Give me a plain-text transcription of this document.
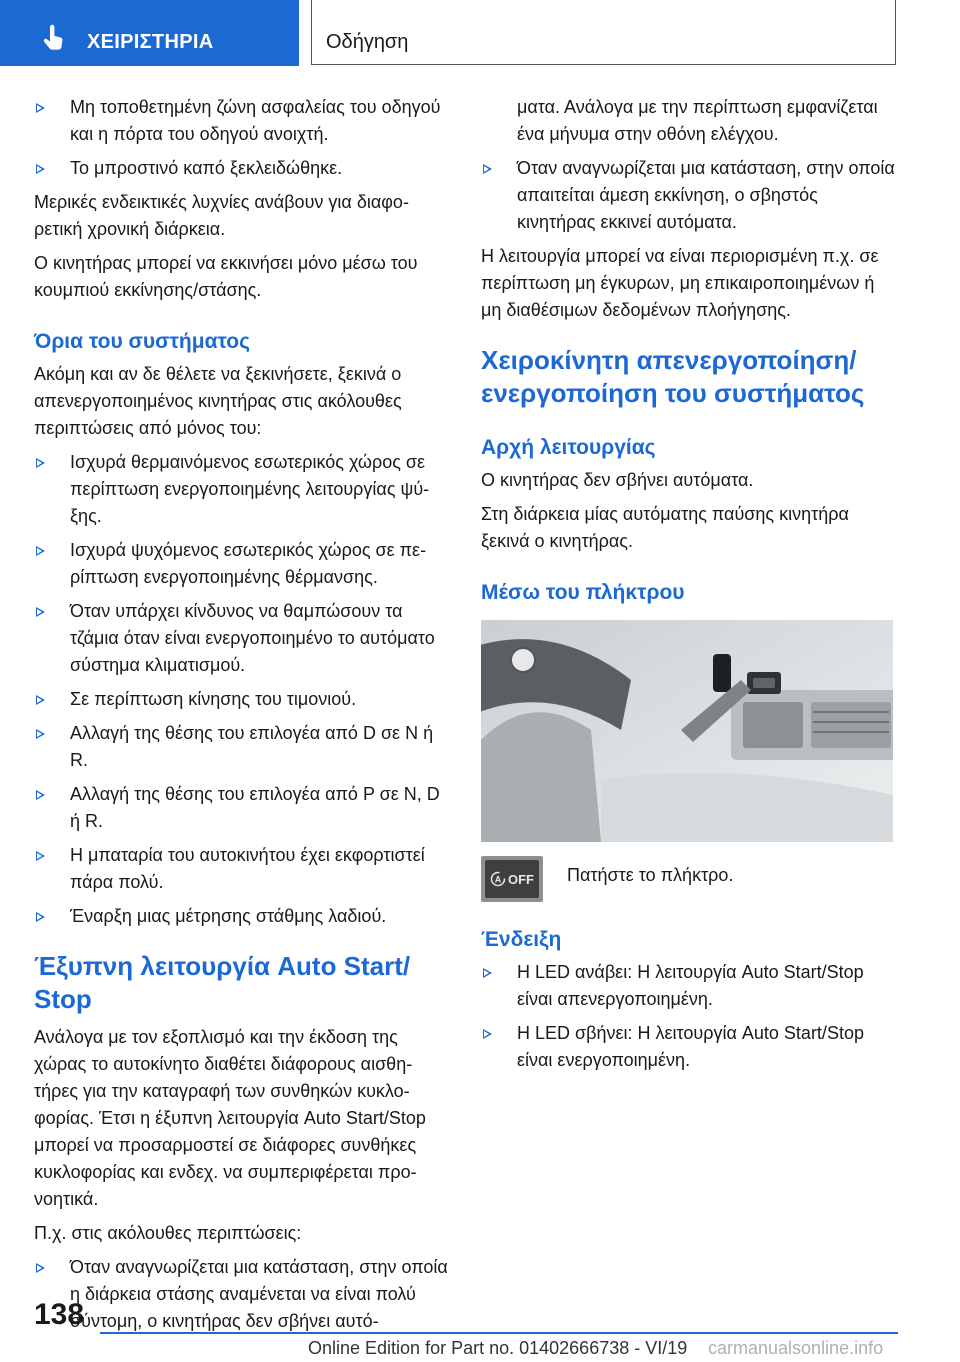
ΧΕΙΡΙΣΤΗΡΙΑ	Οδήγηση
Μη τοποθετημένη ζώνη ασφαλείας του οδηγού και η πόρτα του οδηγού ανοιχτή.
Το μπροστινό καπό ξεκλειδώθηκε.

Μερικές ενδεικτικές λυχνίες ανάβουν για διαφορετική χρονική διάρκεια.

Ο κινητήρας μπορεί να εκκινήσει μόνο μέσω του κουμπιού εκκίνησης/στάσης.

Όρια του συστήματος

Ακόμη και αν δε θέλετε να ξεκινήσετε, ξεκινά ο απενεργοποιημένος κινητήρας στις ακόλουθες περιπτώσεις από μόνος του:

Ισχυρά θερμαινόμενος εσωτερικός χώρος σε περίπτωση ενεργοποιημένης λειτουργίας ψύξης.
Ισχυρά ψυχόμενος εσωτερικός χώρος σε περίπτωση ενεργοποιημένης θέρμανσης.
Όταν υπάρχει κίνδυνος να θαμπώσουν τα τζάμια όταν είναι ενεργοποιημένο το αυτόματο σύστημα κλιματισμού.
Σε περίπτωση κίνησης του τιμονιού.
Αλλαγή της θέσης του επιλογέα από D σε N ή R.
Αλλαγή της θέσης του επιλογέα από P σε N, D ή R.
Η μπαταρία του αυτοκινήτου έχει εκφορτιστεί πάρα πολύ.
Έναρξη μιας μέτρησης στάθμης λαδιού.
Έξυπνη λειτουργία Auto Start/ Stop

Ανάλογα με τον εξοπλισμό και την έκδοση της χώρας το αυτοκίνητο διαθέτει διάφορους αισθητήρες για την καταγραφή των συνθηκών κυκλοφορίας. Έτσι η έξυπνη λειτουργία Auto Start/Stop μπορεί να προσαρμοστεί σε διάφορες συνθήκες κυκλοφορίας και ενδεχ. να συμπεριφέρεται προνοητικά.

Π.χ. στις ακόλουθες περιπτώσεις:

Όταν αναγνωρίζεται μια κατάσταση, στην οποία η διάρκεια στάσης αναμένεται να είναι πολύ σύντομη, ο κινητήρας δεν σβήνει αυτό-

ματα. Ανάλογα με την περίπτωση εμφανίζεται ένα μήνυμα στην οθόνη ελέγχου.

Όταν αναγνωρίζεται μια κατάσταση, στην οποία απαιτείται άμεση εκκίνηση, ο σβηστός κινητήρας εκκινεί αυτόματα.

Η λειτουργία μπορεί να είναι περιορισμένη π.χ. σε περίπτωση μη έγκυρων, μη επικαιροποιημένων ή μη διαθέσιμων δεδομένων πλοήγησης.

Χειροκίνητη απενεργοποίηση/ ενεργοποίηση του συστήματος
Αρχή λειτουργίας

Ο κινητήρας δεν σβήνει αυτόματα.

Στη διάρκεια μίας αυτόματης παύσης κινητήρα ξεκινά ο κινητήρας.

Μέσω του πλήκτρου
A OFF Πατήστε το πλήκτρο.
Ένδειξη
Η LED ανάβει: Η λειτουργία Auto Start/Stop είναι απενεργοποιημένη.
Η LED σβήνει: Η λειτουργία Auto Start/Stop είναι ενεργοποιημένη.
138
Online Edition for Part no. 01402666738 - VI/19 carmanualsonline.info
